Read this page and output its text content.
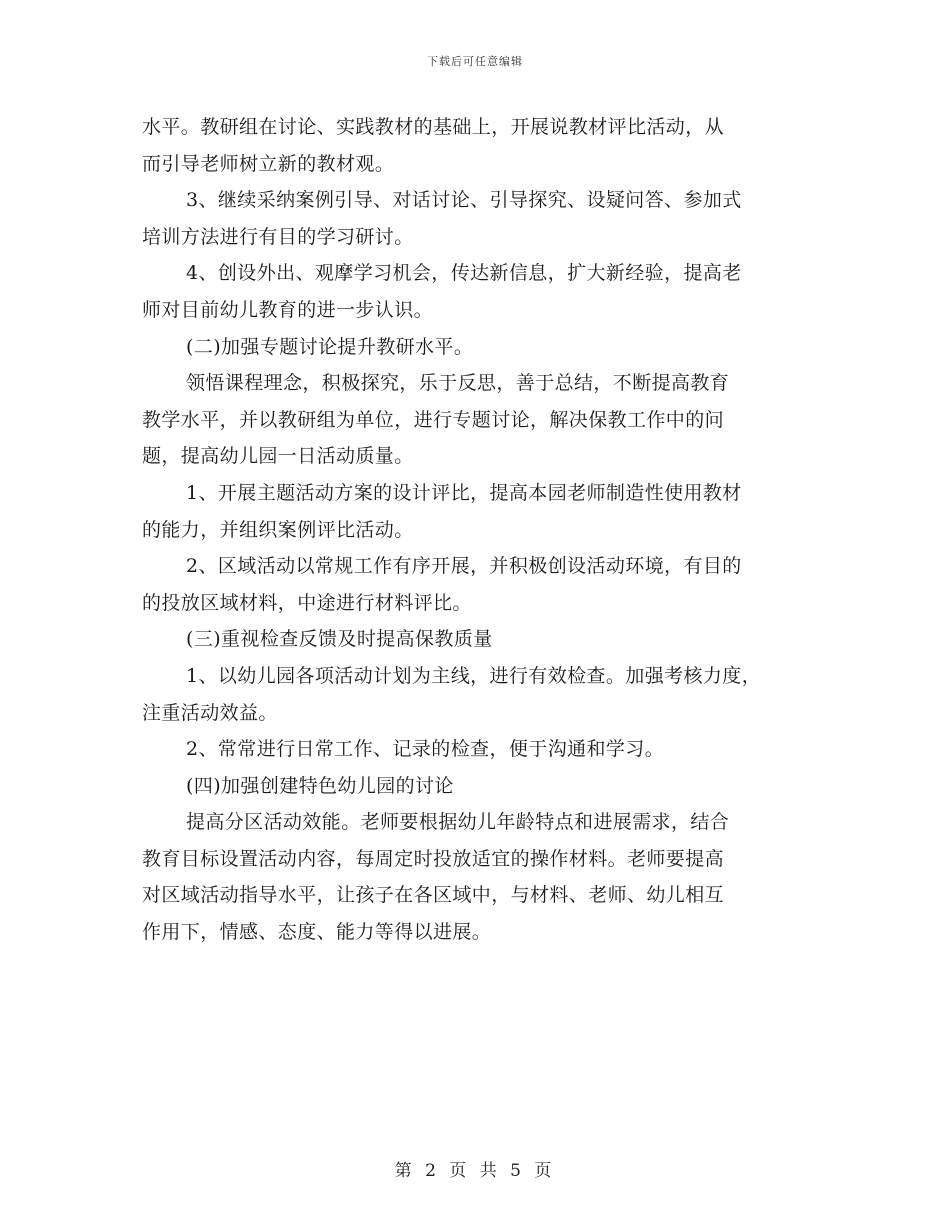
下载后可任意编辑
水平。教研组在讨论、实践教材的基础上，开展说教材评比活动，从
而引导老师树立新的教材观。
3、继续采纳案例引导、对话讨论、引导探究、设疑问答、参加式
培训方法进行有目的学习研讨。
4、创设外出、观摩学习机会，传达新信息，扩大新经验，提高老
师对目前幼儿教育的进一步认识。
(二)加强专题讨论提升教研水平。
领悟课程理念，积极探究，乐于反思，善于总结，不断提高教育
教学水平，并以教研组为单位，进行专题讨论，解决保教工作中的问
题，提高幼儿园一日活动质量。
1、开展主题活动方案的设计评比，提高本园老师制造性使用教材
的能力，并组织案例评比活动。
2、区域活动以常规工作有序开展，并积极创设活动环境，有目的
的投放区域材料，中途进行材料评比。
(三)重视检查反馈及时提高保教质量
1、以幼儿园各项活动计划为主线，进行有效检查。加强考核力度，
注重活动效益。
2、常常进行日常工作、记录的检查，便于沟通和学习。
(四)加强创建特色幼儿园的讨论
提高分区活动效能。老师要根据幼儿年龄特点和进展需求，结合
教育目标设置活动内容，每周定时投放适宜的操作材料。老师要提高
对区域活动指导水平，让孩子在各区域中，与材料、老师、幼儿相互
作用下，情感、态度、能力等得以进展。
第 2 页 共 5 页
